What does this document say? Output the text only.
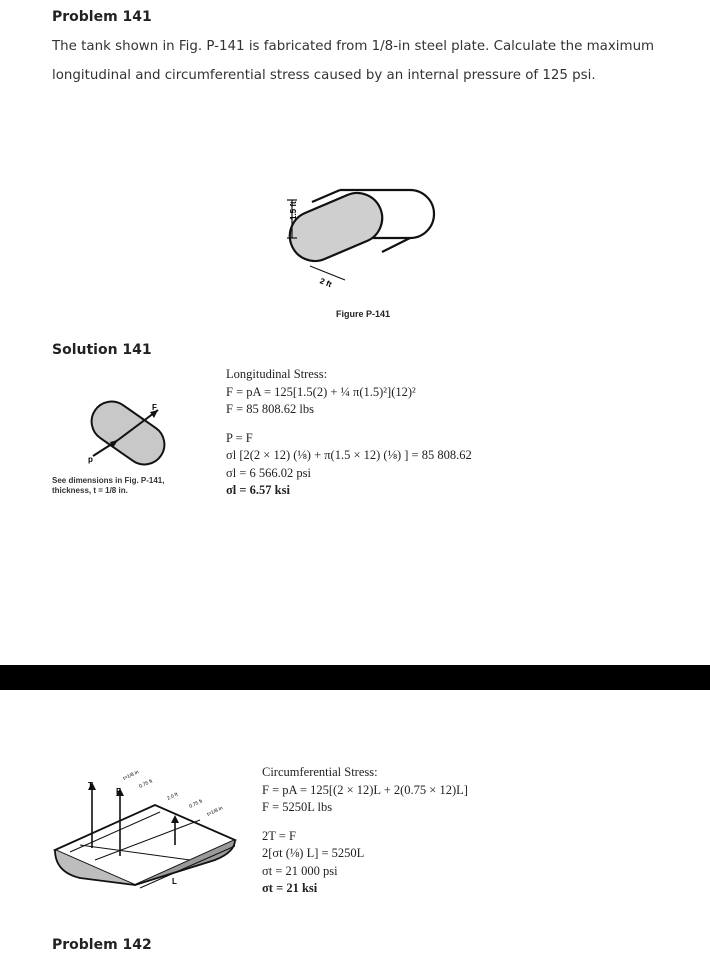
Problem 141
The tank shown in Fig. P-141 is fabricated from 1/8-in steel plate. Calculate the maximum longitudinal and circumferential stress caused by an internal pressure of 125 psi.
1.5 ft
2 ft
Figure P-141
Solution 141
F
p
See dimensions in Fig. P-141,
thickness, t = 1/8 in.
Longitudinal Stress:
F = pA = 125[1.5(2) + ¼ π(1.5)²](12)²
F = 85 808.62 lbs
P = F
σl [2(2 × 12) (⅛) + π(1.5 × 12) (⅛) ] = 85 808.62
σl = 6 566.02 psi
σl = 6.57 ksi
T
F
L
t=1/8 in
0.75 ft
2.0 ft
0.75 ft
t=1/8 in
Circumferential Stress:
F = pA = 125[(2 × 12)L + 2(0.75 × 12)L]
F = 5250L lbs
2T = F
2[σt (⅛) L] = 5250L
σt = 21 000 psi
σt = 21 ksi
Problem 142
